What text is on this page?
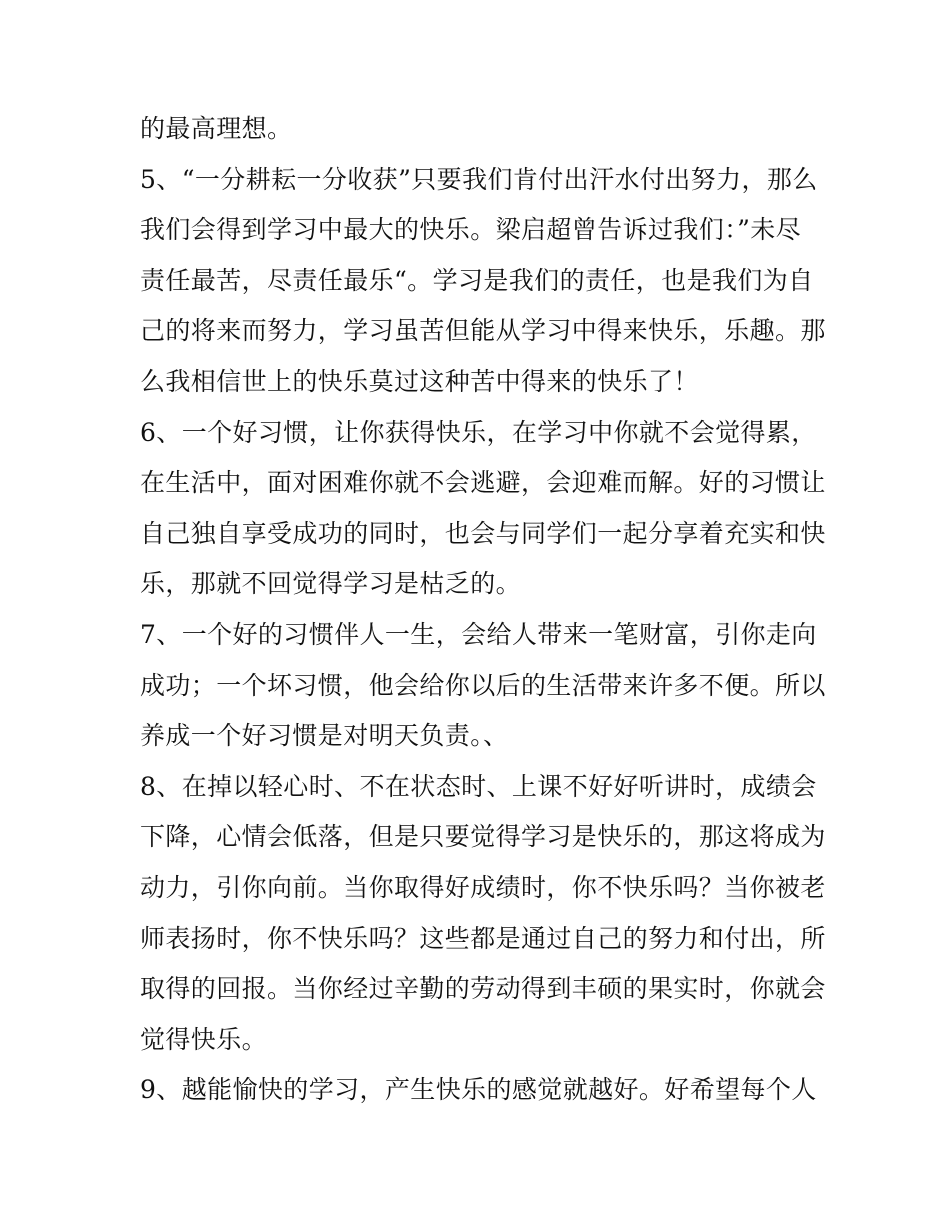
的最高理想。
5、“一分耕耘一分收获”只要我们肯付出汗水付出努力，那么
我们会得到学习中最大的快乐。梁启超曾告诉过我们：”未尽
责任最苦，尽责任最乐“。学习是我们的责任，也是我们为自
己的将来而努力，学习虽苦但能从学习中得来快乐，乐趣。那
么我相信世上的快乐莫过这种苦中得来的快乐了！
6、一个好习惯，让你获得快乐，在学习中你就不会觉得累，
在生活中，面对困难你就不会逃避，会迎难而解。好的习惯让
自己独自享受成功的同时，也会与同学们一起分享着充实和快
乐，那就不回觉得学习是枯乏的。
7、一个好的习惯伴人一生，会给人带来一笔财富，引你走向
成功；一个坏习惯，他会给你以后的生活带来许多不便。所以
养成一个好习惯是对明天负责。、
8、在掉以轻心时、不在状态时、上课不好好听讲时，成绩会
下降，心情会低落，但是只要觉得学习是快乐的，那这将成为
动力，引你向前。当你取得好成绩时，你不快乐吗？当你被老
师表扬时，你不快乐吗？这些都是通过自己的努力和付出，所
取得的回报。当你经过辛勤的劳动得到丰硕的果实时，你就会
觉得快乐。
9、越能愉快的学习，产生快乐的感觉就越好。好希望每个人
